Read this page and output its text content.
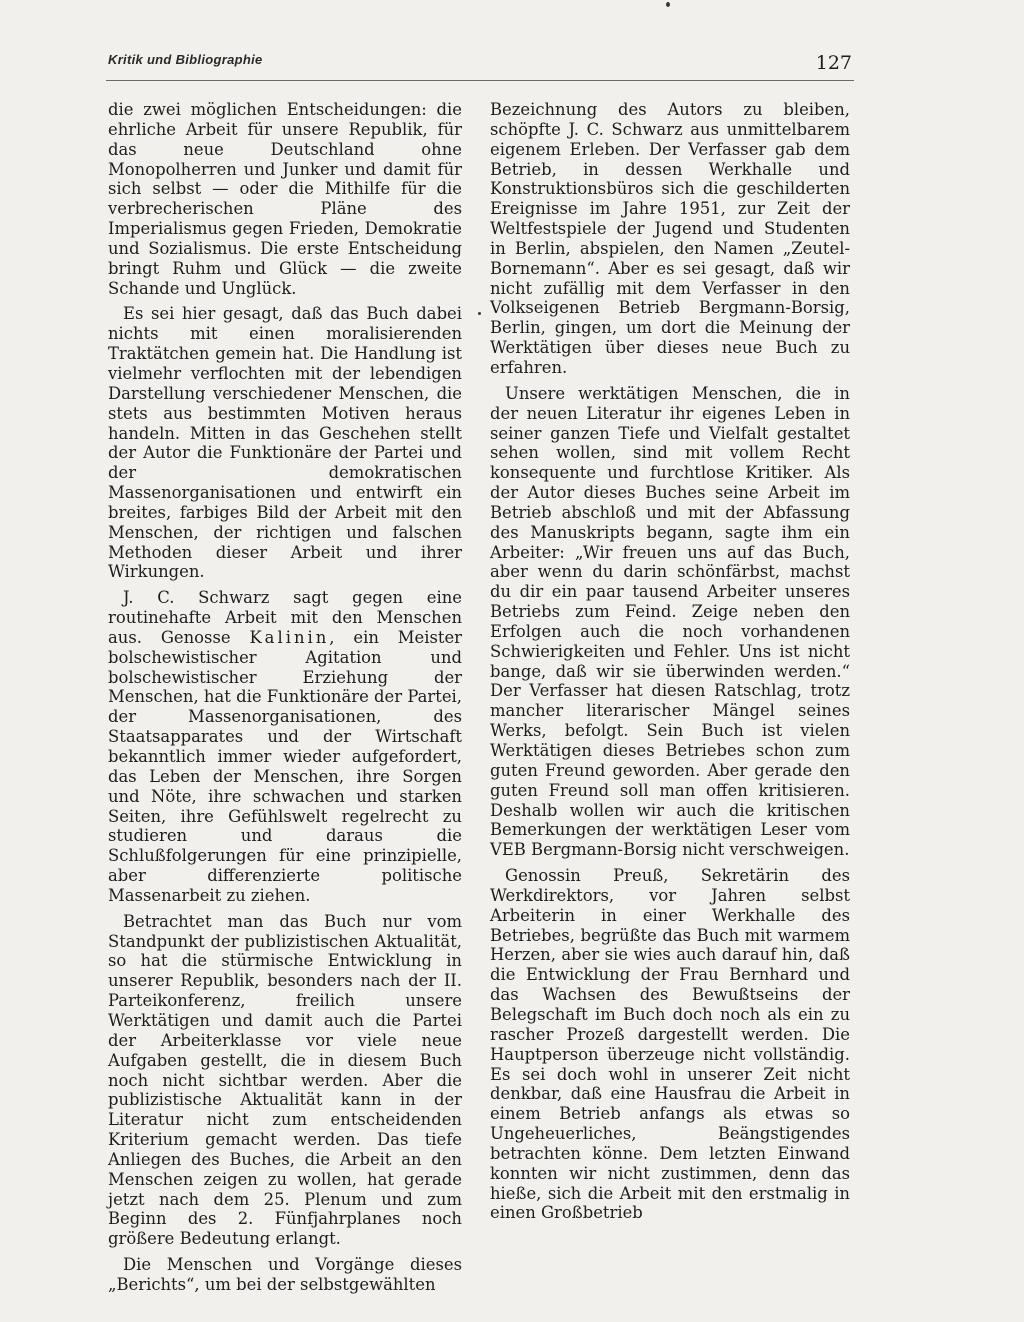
Kritik und Bibliographie	127

die zwei möglichen Entscheidungen: die ehrliche Arbeit für unsere Republik, für das neue Deutschland ohne Monopolherren und Junker und damit für sich selbst — oder die Mithilfe für die verbrecherischen Pläne des Imperialismus gegen Frieden, Demokratie und Sozialismus. Die erste Entscheidung bringt Ruhm und Glück — die zweite Schande und Unglück.

Es sei hier gesagt, daß das Buch dabei nichts mit einen moralisierenden Traktätchen gemein hat. Die Handlung ist vielmehr verflochten mit der lebendigen Darstellung verschiedener Menschen, die stets aus bestimmten Motiven heraus handeln. Mitten in das Geschehen stellt der Autor die Funktionäre der Partei und der demokratischen Massenorganisationen und entwirft ein breites, farbiges Bild der Arbeit mit den Menschen, der richtigen und falschen Methoden dieser Arbeit und ihrer Wirkungen.

J. C. Schwarz sagt gegen eine routinehafte Arbeit mit den Menschen aus. Genosse Kalinin, ein Meister bolschewistischer Agitation und bolschewistischer Erziehung der Menschen, hat die Funktionäre der Partei, der Massenorganisationen, des Staatsapparates und der Wirtschaft bekanntlich immer wieder aufgefordert, das Leben der Menschen, ihre Sorgen und Nöte, ihre schwachen und starken Seiten, ihre Gefühlswelt regelrecht zu studieren und daraus die Schlußfolgerungen für eine prinzipielle, aber differenzierte politische Massenarbeit zu ziehen.

Betrachtet man das Buch nur vom Standpunkt der publizistischen Aktualität, so hat die stürmische Entwicklung in unserer Republik, besonders nach der II. Parteikonferenz, freilich unsere Werktätigen und damit auch die Partei der Arbeiterklasse vor viele neue Aufgaben gestellt, die in diesem Buch noch nicht sichtbar werden. Aber die publizistische Aktualität kann in der Literatur nicht zum entscheidenden Kriterium gemacht werden. Das tiefe Anliegen des Buches, die Arbeit an den Menschen zeigen zu wollen, hat gerade jetzt nach dem 25. Plenum und zum Beginn des 2. Fünfjahrplanes noch größere Bedeutung erlangt.

Die Menschen und Vorgänge dieses „Berichts“, um bei der selbstgewählten

Bezeichnung des Autors zu bleiben, schöpfte J. C. Schwarz aus unmittelbarem eigenem Erleben. Der Verfasser gab dem Betrieb, in dessen Werkhalle und Konstruktionsbüros sich die geschilderten Ereignisse im Jahre 1951, zur Zeit der Weltfestspiele der Jugend und Studenten in Berlin, abspielen, den Namen „Zeutel-Bornemann“. Aber es sei gesagt, daß wir nicht zufällig mit dem Verfasser in den Volkseigenen Betrieb Bergmann-Borsig, Berlin, gingen, um dort die Meinung der Werktätigen über dieses neue Buch zu erfahren.

Unsere werktätigen Menschen, die in der neuen Literatur ihr eigenes Leben in seiner ganzen Tiefe und Vielfalt gestaltet sehen wollen, sind mit vollem Recht konsequente und furchtlose Kritiker. Als der Autor dieses Buches seine Arbeit im Betrieb abschloß und mit der Abfassung des Manuskripts begann, sagte ihm ein Arbeiter: „Wir freuen uns auf das Buch, aber wenn du darin schönfärbst, machst du dir ein paar tausend Arbeiter unseres Betriebs zum Feind. Zeige neben den Erfolgen auch die noch vorhandenen Schwierigkeiten und Fehler. Uns ist nicht bange, daß wir sie überwinden werden.“ Der Verfasser hat diesen Ratschlag, trotz mancher literarischer Mängel seines Werks, befolgt. Sein Buch ist vielen Werktätigen dieses Betriebes schon zum guten Freund geworden. Aber gerade den guten Freund soll man offen kritisieren. Deshalb wollen wir auch die kritischen Bemerkungen der werktätigen Leser vom VEB Bergmann-Borsig nicht verschweigen.

Genossin Preuß, Sekretärin des Werkdirektors, vor Jahren selbst Arbeiterin in einer Werkhalle des Betriebes, begrüßte das Buch mit warmem Herzen, aber sie wies auch darauf hin, daß die Entwicklung der Frau Bernhard und das Wachsen des Bewußtseins der Belegschaft im Buch doch noch als ein zu rascher Prozeß dargestellt werden. Die Hauptperson überzeuge nicht vollständig. Es sei doch wohl in unserer Zeit nicht denkbar, daß eine Hausfrau die Arbeit in einem Betrieb anfangs als etwas so Ungeheuerliches, Beängstigendes betrachten könne. Dem letzten Einwand konnten wir nicht zustimmen, denn das hieße, sich die Arbeit mit den erstmalig in einen Großbetrieb
